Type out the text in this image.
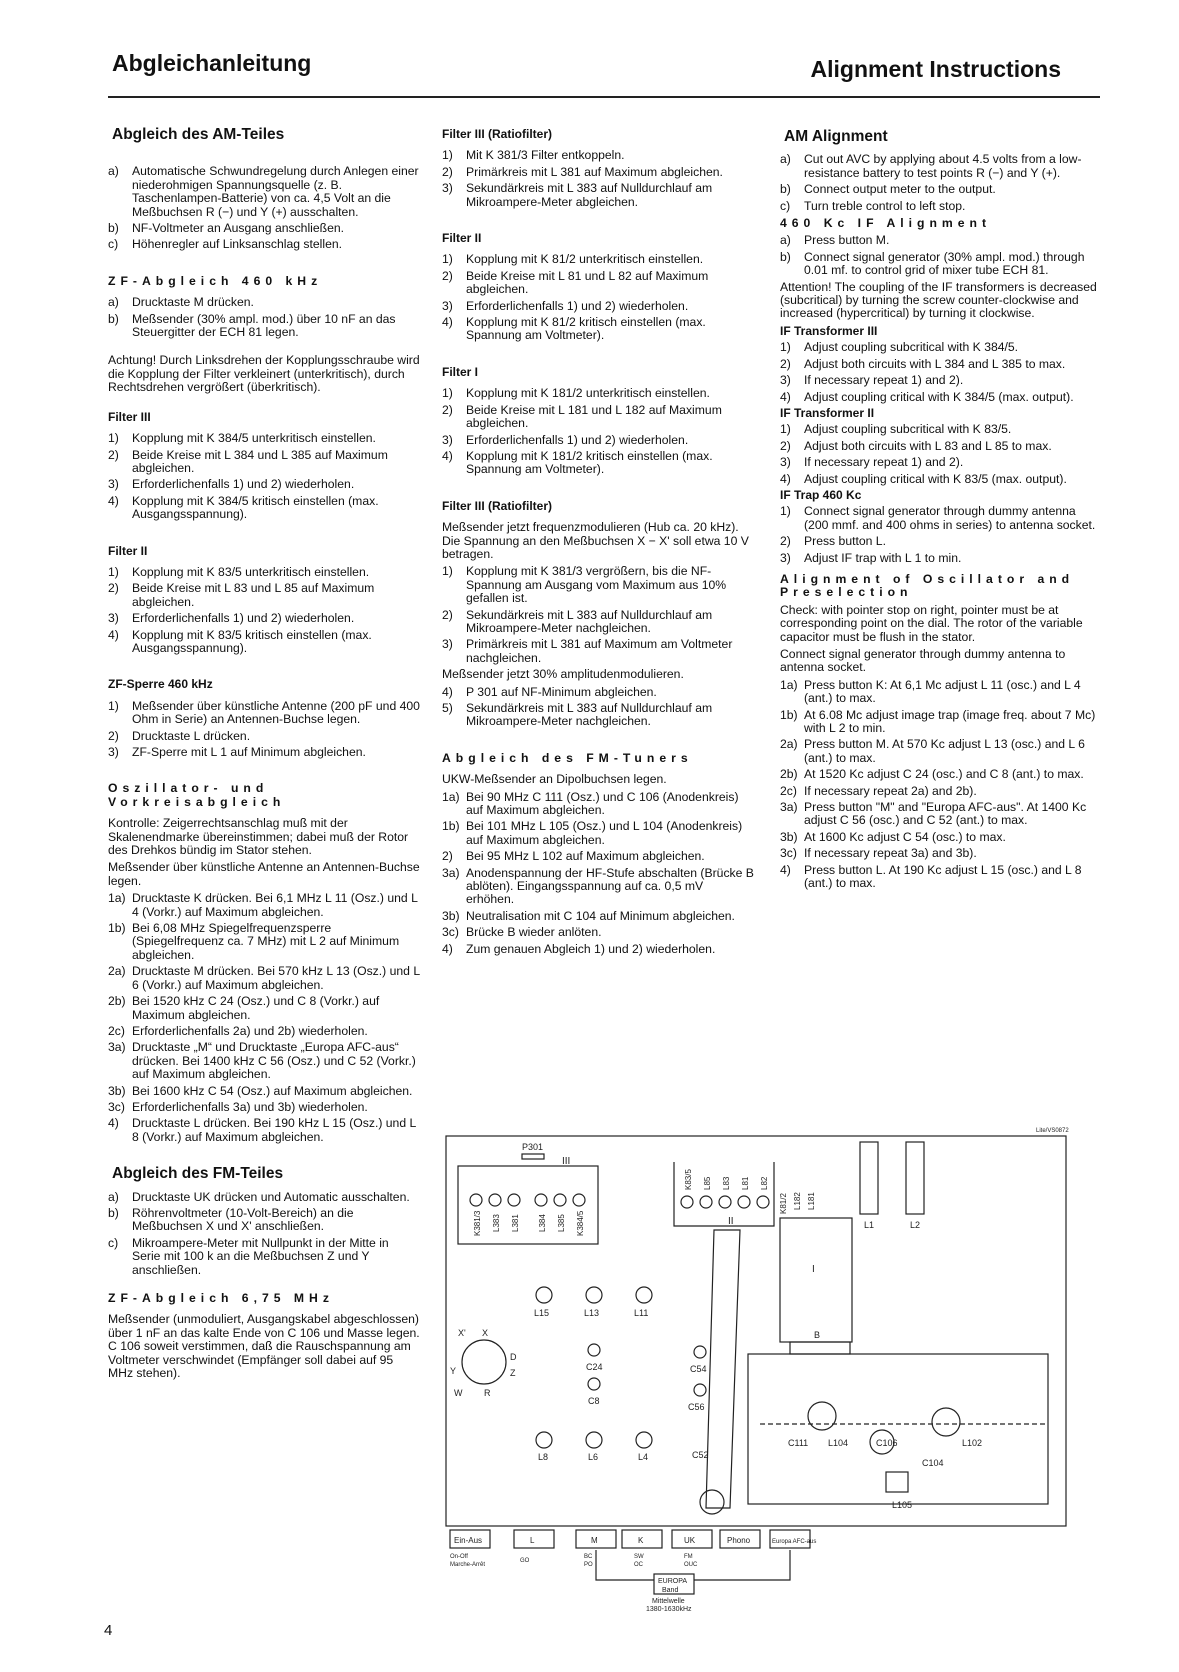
Abgleichanleitung	Alignment Instructions
Abgleich des AM-Teiles
a)	Automatische Schwundregelung durch Anlegen einer niederohmigen Spannungsquelle (z. B. Taschenlampen-Batterie) von ca. 4,5 Volt an die Meßbuchsen R (−) und Y (+) ausschalten.
b)	NF-Voltmeter an Ausgang anschließen.
c)	Höhenregler auf Linksanschlag stellen.
ZF-Abgleich 460 kHz
a)	Drucktaste M drücken.
b)	Meßsender (30% ampl. mod.) über 10 nF an das Steuergitter der ECH 81 legen.
Achtung! Durch Linksdrehen der Kopplungsschraube wird die Kopplung der Filter verkleinert (unterkritisch), durch Rechtsdrehen vergrößert (überkritisch).
Filter III
1)	Kopplung mit K 384/5 unterkritisch einstellen.
2)	Beide Kreise mit L 384 und L 385 auf Maximum abgleichen.
3)	Erforderlichenfalls 1) und 2) wiederholen.
4)	Kopplung mit K 384/5 kritisch einstellen (max. Ausgangsspannung).
Filter II
1)	Kopplung mit K 83/5 unterkritisch einstellen.
2)	Beide Kreise mit L 83 und L 85 auf Maximum abgleichen.
3)	Erforderlichenfalls 1) und 2) wiederholen.
4)	Kopplung mit K 83/5 kritisch einstellen (max. Ausgangsspannung).
ZF-Sperre 460 kHz
1)	Meßsender über künstliche Antenne (200 pF und 400 Ohm in Serie) an Antennen-Buchse legen.
2)	Drucktaste L drücken.
3)	ZF-Sperre mit L 1 auf Minimum abgleichen.
Oszillator- und
Vorkreisabgleich
Kontrolle: Zeigerrechtsanschlag muß mit der Skalenendmarke übereinstimmen; dabei muß der Rotor des Drehkos bündig im Stator stehen.
Meßsender über künstliche Antenne an Antennen-Buchse legen.
1a) Drucktaste K drücken. Bei 6,1 MHz L 11 (Osz.) und L 4 (Vorkr.) auf Maximum abgleichen.
1b) Bei 6,08 MHz Spiegelfrequenzsperre (Spiegelfrequenz ca. 7 MHz) mit L 2 auf Minimum abgleichen.
2a) Drucktaste M drücken. Bei 570 kHz L 13 (Osz.) und L 6 (Vorkr.) auf Maximum abgleichen.
2b) Bei 1520 kHz C 24 (Osz.) und C 8 (Vorkr.) auf Maximum abgleichen.
2c) Erforderlichenfalls 2a) und 2b) wiederholen.
3a) Drucktaste „M“ und Drucktaste „Europa AFC-aus“ drücken. Bei 1400 kHz C 56 (Osz.) und C 52 (Vorkr.) auf Maximum abgleichen.
3b) Bei 1600 kHz C 54 (Osz.) auf Maximum abgleichen.
3c) Erforderlichenfalls 3a) und 3b) wiederholen.
4)	Drucktaste L drücken. Bei 190 kHz L 15 (Osz.) und L 8 (Vorkr.) auf Maximum abgleichen.
Abgleich des FM-Teiles
a)	Drucktaste UK drücken und Automatic ausschalten.
b)	Röhrenvoltmeter (10-Volt-Bereich) an die Meßbuchsen X und X' anschließen.
c)	Mikroampere-Meter mit Nullpunkt in der Mitte in Serie mit 100 k an die Meßbuchsen Z und Y anschließen.
ZF-Abgleich 6,75 MHz
Meßsender (unmoduliert, Ausgangskabel abgeschlossen) über 1 nF an das kalte Ende von C 106 und Masse legen. C 106 soweit verstimmen, daß die Rauschspannung am Voltmeter verschwindet (Empfänger soll dabei auf 95 MHz stehen).
Filter III (Ratiofilter)
1)	Mit K 381/3 Filter entkoppeln.
2)	Primärkreis mit L 381 auf Maximum abgleichen.
3)	Sekundärkreis mit L 383 auf Nulldurchlauf am Mikroampere-Meter abgleichen.
Filter II
1)	Kopplung mit K 81/2 unterkritisch einstellen.
2)	Beide Kreise mit L 81 und L 82 auf Maximum abgleichen.
3)	Erforderlichenfalls 1) und 2) wiederholen.
4)	Kopplung mit K 81/2 kritisch einstellen (max. Spannung am Voltmeter).
Filter I
1)	Kopplung mit K 181/2 unterkritisch einstellen.
2)	Beide Kreise mit L 181 und L 182 auf Maximum abgleichen.
3)	Erforderlichenfalls 1) und 2) wiederholen.
4)	Kopplung mit K 181/2 kritisch einstellen (max. Spannung am Voltmeter).
Filter III (Ratiofilter)
Meßsender jetzt frequenzmodulieren (Hub ca. 20 kHz). Die Spannung an den Meßbuchsen X − X' soll etwa 10 V betragen.
1)	Kopplung mit K 381/3 vergrößern, bis die NF-Spannung am Ausgang vom Maximum aus 10% gefallen ist.
2)	Sekundärkreis mit L 383 auf Nulldurchlauf am Mikroampere-Meter nachgleichen.
3)	Primärkreis mit L 381 auf Maximum am Voltmeter nachgleichen.
Meßsender jetzt 30% amplitudenmodulieren.
4)	P 301 auf NF-Minimum abgleichen.
5)	Sekundärkreis mit L 383 auf Nulldurchlauf am Mikroampere-Meter nachgleichen.
Abgleich des FM-Tuners
UKW-Meßsender an Dipolbuchsen legen.
1a) Bei 90 MHz C 111 (Osz.) und C 106 (Anodenkreis) auf Maximum abgleichen.
1b) Bei 101 MHz L 105 (Osz.) und L 104 (Anodenkreis) auf Maximum abgleichen.
2)	Bei 95 MHz L 102 auf Maximum abgleichen.
3a) Anodenspannung der HF-Stufe abschalten (Brücke B ablöten). Eingangsspannung auf ca. 0,5 mV erhöhen.
3b) Neutralisation mit C 104 auf Minimum abgleichen.
3c) Brücke B wieder anlöten.
4)	Zum genauen Abgleich 1) und 2) wiederholen.
AM Alignment
a)	Cut out AVC by applying about 4.5 volts from a low-resistance battery to test points R (−) and Y (+).
b)	Connect output meter to the output.
c)	Turn treble control to left stop.
460 Kc IF Alignment
a)	Press button M.
b)	Connect signal generator (30% ampl. mod.) through 0.01 mf. to control grid of mixer tube ECH 81.
Attention! The coupling of the IF transformers is decreased (subcritical) by turning the screw counter-clockwise and increased (hypercritical) by turning it clockwise.
IF Transformer III
1)	Adjust coupling subcritical with K 384/5.
2)	Adjust both circuits with L 384 and L 385 to max.
3)	If necessary repeat 1) and 2).
4)	Adjust coupling critical with K 384/5 (max. output).
IF Transformer II
1)	Adjust coupling subcritical with K 83/5.
2)	Adjust both circuits with L 83 and L 85 to max.
3)	If necessary repeat 1) and 2).
4)	Adjust coupling critical with K 83/5 (max. output).
IF Trap 460 Kc
1)	Connect signal generator through dummy antenna (200 mmf. and 400 ohms in series) to antenna socket.
2)	Press button L.
3)	Adjust IF trap with L 1 to min.
Alignment of Oscillator and
Preselection
Check: with pointer stop on right, pointer must be at corresponding point on the dial. The rotor of the variable capacitor must be flush in the stator.
Connect signal generator through dummy antenna to antenna socket.
1a) Press button K: At 6,1 Mc adjust L 11 (osc.) and L 4 (ant.) to max.
1b) At 6.08 Mc adjust image trap (image freq. about 7 Mc) with L 2 to min.
2a) Press button M. At 570 Kc adjust L 13 (osc.) and L 6 (ant.) to max.
2b) At 1520 Kc adjust C 24 (osc.) and C 8 (ant.) to max.
2c) If necessary repeat 2a) and 2b).
3a) Press button "M" and "Europa AFC-aus". At 1400 Kc adjust C 56 (osc.) and C 52 (ant.) to max.
3b) At 1600 Kc adjust C 54 (osc.) to max.
3c) If necessary repeat 3a) and 3b).
4)	Press button L. At 190 Kc adjust L 15 (osc.) and L 8 (ant.) to max.
Lite/VS0872
P301
III
K381/3 L383 L381 L384 L385 K384/5
K83/5 L85 L83 L81 L82
K81/2 L182 L181
II
I
L1	L2
L15	L13	L11
X' X
D
Z
Y
W R
C24
C8
C54
C56
C52
L8	L6	L4
B
C111 L104	C106	L102
C104
L105
Ein-Aus	L	M	K	UK	Phono	Europa AFC-aus
On-Off
Marche-Arrêt
GO
BC
PO
SW
OC
FM
OUC
EUROPA
Band
Mittelwelle
1380-1630kHz
4
